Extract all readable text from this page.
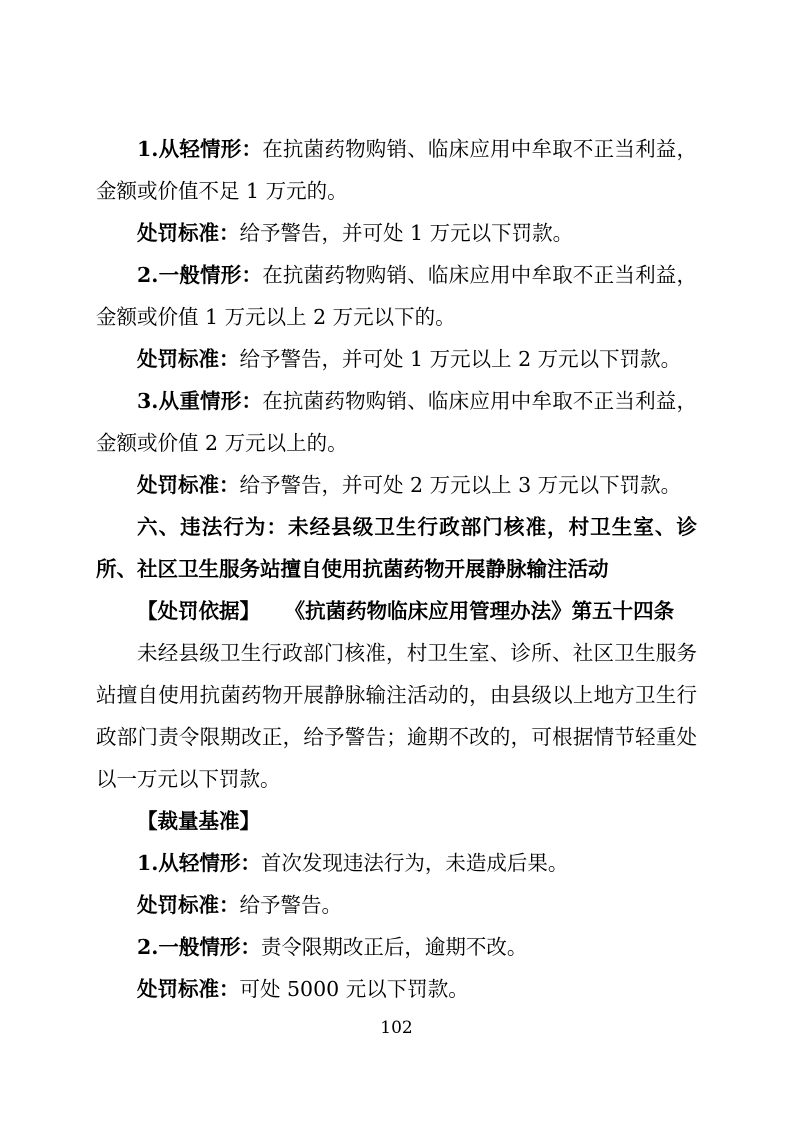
1.从轻情形：在抗菌药物购销、临床应用中牟取不正当利益，金额或价值不足 1 万元的。

处罚标准：给予警告，并可处 1 万元以下罚款。

2.一般情形：在抗菌药物购销、临床应用中牟取不正当利益，金额或价值 1 万元以上 2 万元以下的。

处罚标准：给予警告，并可处 1 万元以上 2 万元以下罚款。

3.从重情形：在抗菌药物购销、临床应用中牟取不正当利益，金额或价值 2 万元以上的。

处罚标准：给予警告，并可处 2 万元以上 3 万元以下罚款。

六、违法行为：未经县级卫生行政部门核准，村卫生室、诊所、社区卫生服务站擅自使用抗菌药物开展静脉输注活动

【处罚依据】 《抗菌药物临床应用管理办法》第五十四条

未经县级卫生行政部门核准，村卫生室、诊所、社区卫生服务站擅自使用抗菌药物开展静脉输注活动的，由县级以上地方卫生行政部门责令限期改正，给予警告；逾期不改的，可根据情节轻重处以一万元以下罚款。

【裁量基准】

1.从轻情形：首次发现违法行为，未造成后果。

处罚标准：给予警告。

2.一般情形：责令限期改正后，逾期不改。

处罚标准：可处 5000 元以下罚款。

102
